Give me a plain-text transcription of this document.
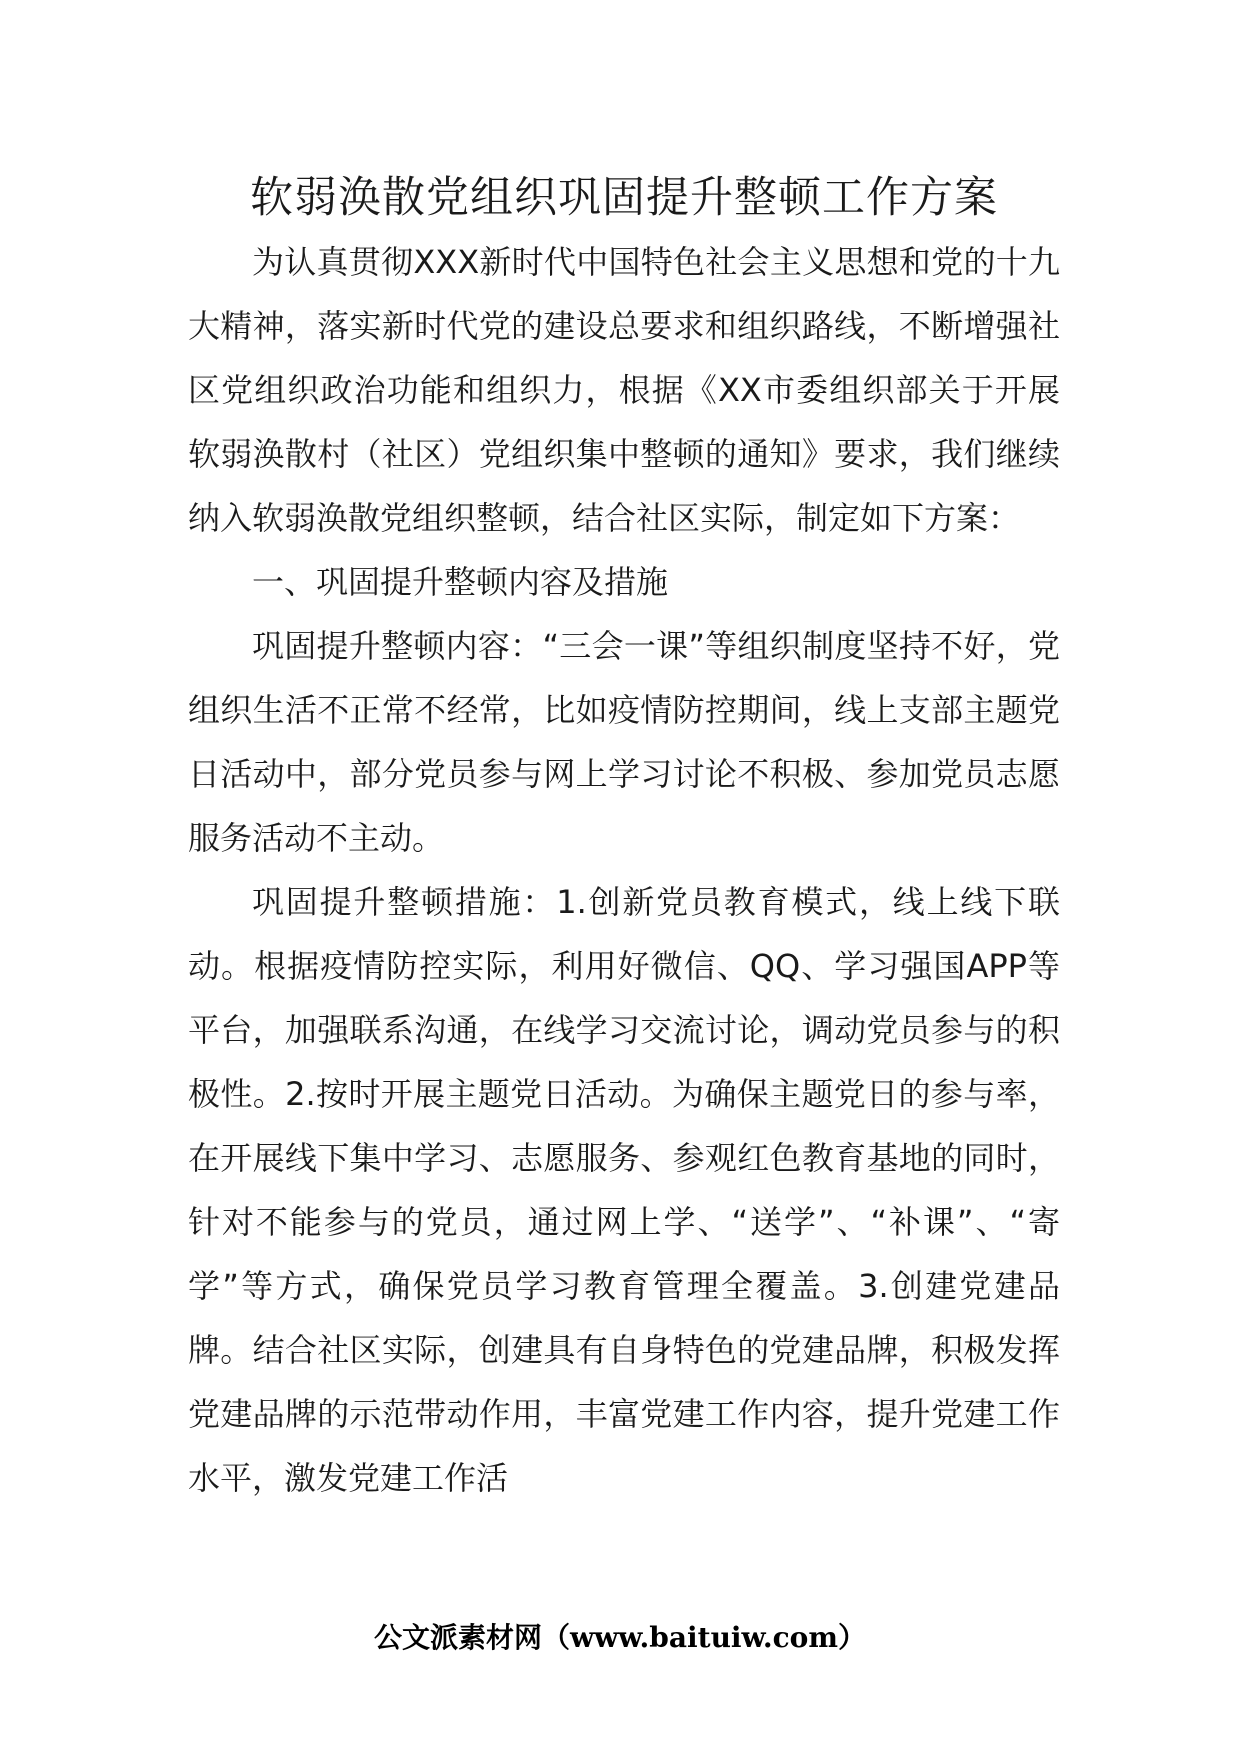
软弱涣散党组织巩固提升整顿工作方案

为认真贯彻XXX新时代中国特色社会主义思想和党的十九大精神，落实新时代党的建设总要求和组织路线，不断增强社区党组织政治功能和组织力，根据《XX市委组织部关于开展软弱涣散村（社区）党组织集中整顿的通知》要求，我们继续纳入软弱涣散党组织整顿，结合社区实际，制定如下方案：

一、巩固提升整顿内容及措施

巩固提升整顿内容：“三会一课”等组织制度坚持不好，党组织生活不正常不经常，比如疫情防控期间，线上支部主题党日活动中，部分党员参与网上学习讨论不积极、参加党员志愿服务活动不主动。

巩固提升整顿措施：1.创新党员教育模式，线上线下联动。根据疫情防控实际，利用好微信、QQ、学习强国APP等平台，加强联系沟通，在线学习交流讨论，调动党员参与的积极性。2.按时开展主题党日活动。为确保主题党日的参与率，在开展线下集中学习、志愿服务、参观红色教育基地的同时，针对不能参与的党员，通过网上学、“送学”、“补课”、“寄学”等方式，确保党员学习教育管理全覆盖。3.创建党建品牌。结合社区实际，创建具有自身特色的党建品牌，积极发挥党建品牌的示范带动作用，丰富党建工作内容，提升党建工作水平，激发党建工作活

公文派素材网（www.baituiw.com）
